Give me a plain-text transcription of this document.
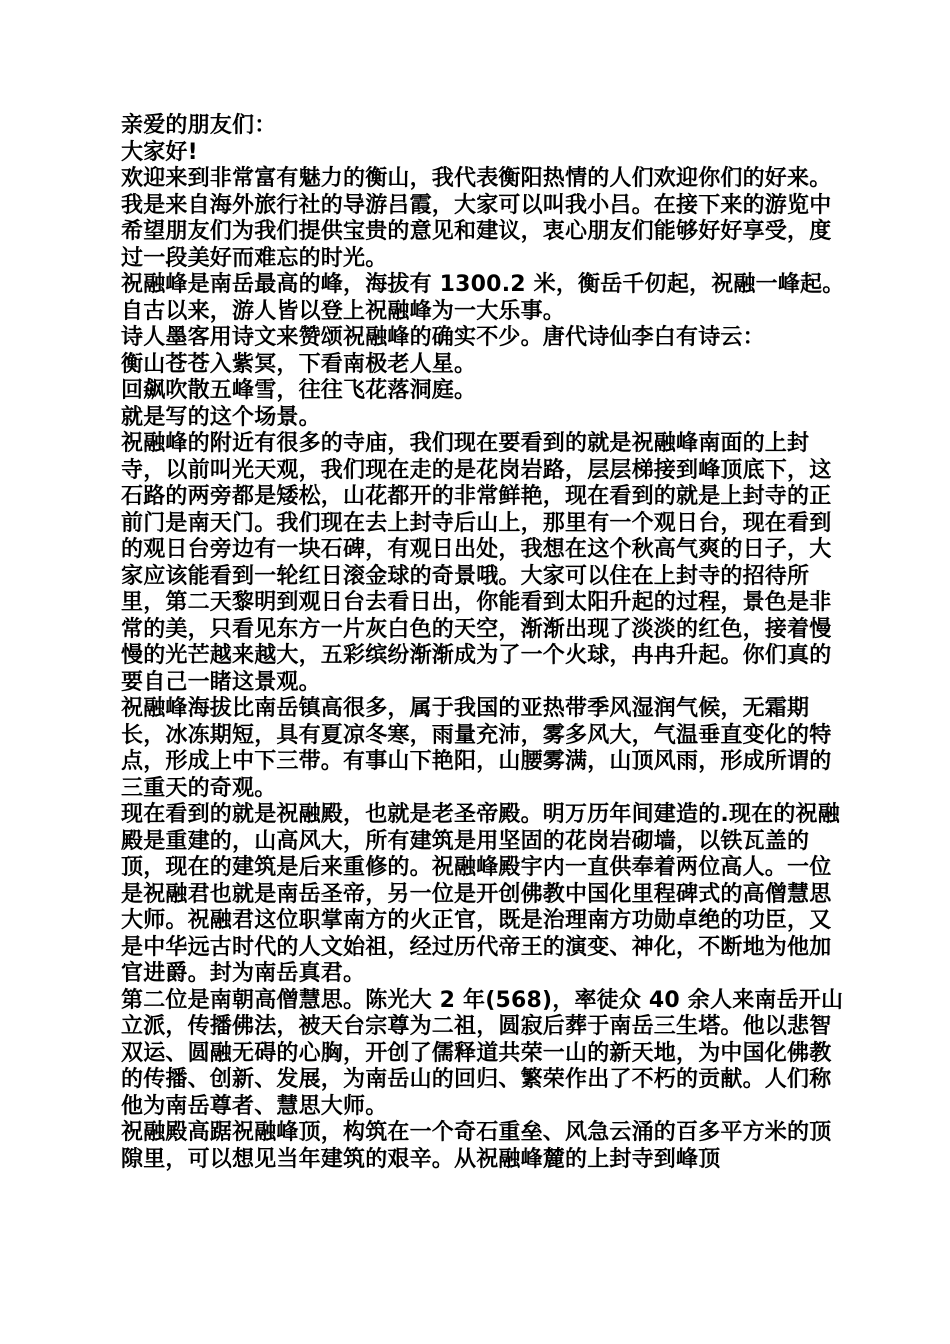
亲爱的朋友们：

大家好!

欢迎来到非常富有魅力的衡山，我代表衡阳热情的人们欢迎你们的好来。我是来自海外旅行社的导游吕霞，大家可以叫我小吕。在接下来的游览中希望朋友们为我们提供宝贵的意见和建议，衷心朋友们能够好好享受，度过一段美好而难忘的时光。

祝融峰是南岳最高的峰，海拔有 1300.2 米，衡岳千仞起，祝融一峰起。自古以来，游人皆以登上祝融峰为一大乐事。

诗人墨客用诗文来赞颂祝融峰的确实不少。唐代诗仙李白有诗云：

衡山苍苍入紫冥，下看南极老人星。

回飙吹散五峰雪，往往飞花落洞庭。

就是写的这个场景。

祝融峰的附近有很多的寺庙，我们现在要看到的就是祝融峰南面的上封寺，以前叫光天观，我们现在走的是花岗岩路，层层梯接到峰顶底下，这石路的两旁都是矮松，山花都开的非常鲜艳，现在看到的就是上封寺的正前门是南天门。我们现在去上封寺后山上，那里有一个观日台，现在看到的观日台旁边有一块石碑，有观日出处，我想在这个秋高气爽的日子，大家应该能看到一轮红日滚金球的奇景哦。大家可以住在上封寺的招待所里，第二天黎明到观日台去看日出，你能看到太阳升起的过程，景色是非常的美，只看见东方一片灰白色的天空，渐渐出现了淡淡的红色，接着慢慢的光芒越来越大，五彩缤纷渐渐成为了一个火球，冉冉升起。你们真的要自己一睹这景观。

祝融峰海拔比南岳镇高很多，属于我国的亚热带季风湿润气候，无霜期长，冰冻期短，具有夏凉冬寒，雨量充沛，雾多风大，气温垂直变化的特点，形成上中下三带。有事山下艳阳，山腰雾满，山顶风雨，形成所谓的三重天的奇观。

现在看到的就是祝融殿，也就是老圣帝殿。明万历年间建造的.现在的祝融殿是重建的，山高风大，所有建筑是用坚固的花岗岩砌墙，以铁瓦盖的顶，现在的建筑是后来重修的。祝融峰殿宇内一直供奉着两位高人。一位是祝融君也就是南岳圣帝，另一位是开创佛教中国化里程碑式的高僧慧思大师。祝融君这位职掌南方的火正官，既是治理南方功勋卓绝的功臣，又是中华远古时代的人文始祖，经过历代帝王的演变、神化，不断地为他加官进爵。封为南岳真君。

第二位是南朝高僧慧思。陈光大 2 年(568)，率徒众 40 余人来南岳开山立派，传播佛法，被天台宗尊为二祖，圆寂后葬于南岳三生塔。他以悲智双运、圆融无碍的心胸，开创了儒释道共荣一山的新天地，为中国化佛教的传播、创新、发展，为南岳山的回归、繁荣作出了不朽的贡献。人们称他为南岳尊者、慧思大师。

祝融殿高踞祝融峰顶，构筑在一个奇石重垒、风急云涌的百多平方米的顶隙里，可以想见当年建筑的艰辛。从祝融峰麓的上封寺到峰顶
